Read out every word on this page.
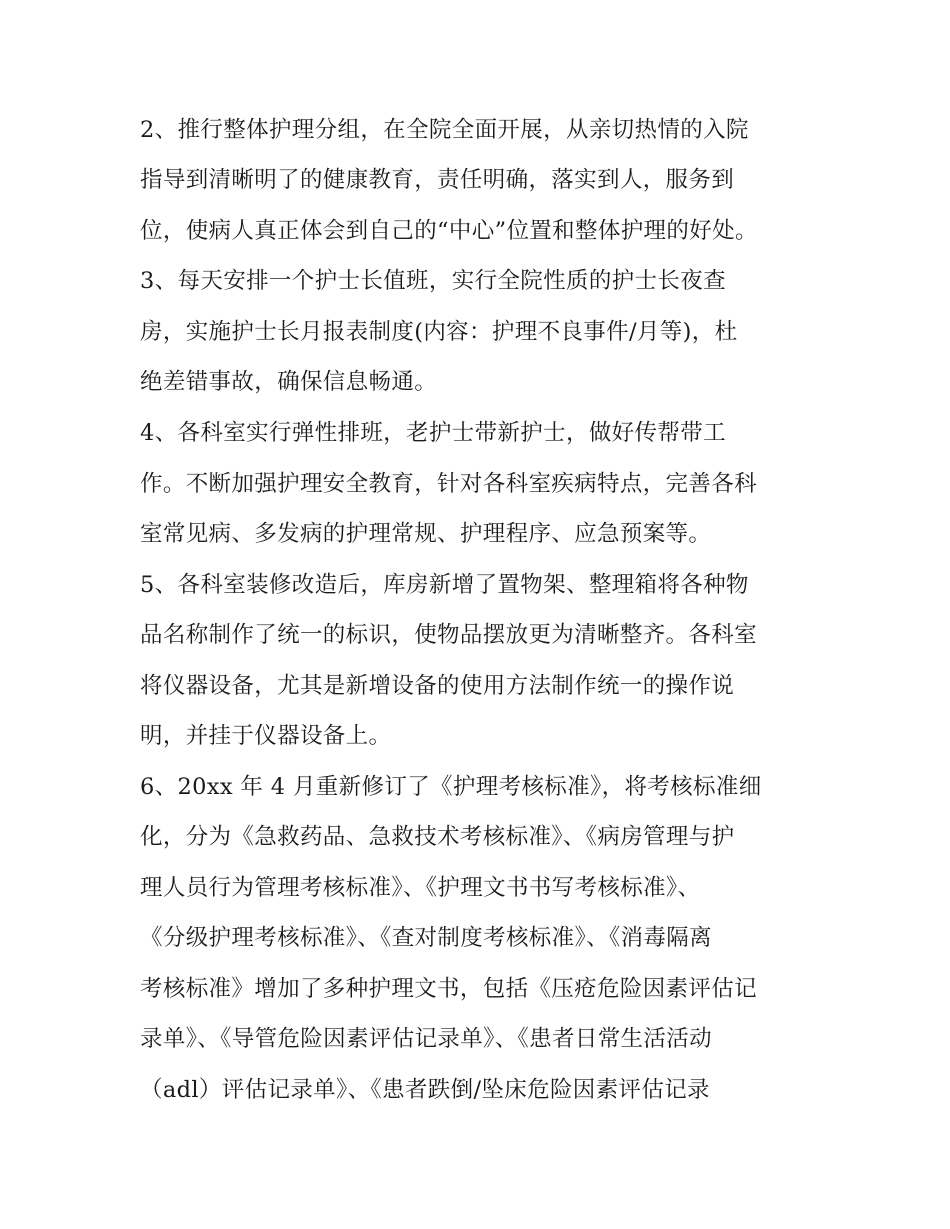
2、推行整体护理分组，在全院全面开展，从亲切热情的入院
指导到清晰明了的健康教育，责任明确，落实到人，服务到
位，使病人真正体会到自己的“中心”位置和整体护理的好处。
3、每天安排一个护士长值班，实行全院性质的护士长夜查
房，实施护士长月报表制度(内容：护理不良事件/月等)，杜
绝差错事故，确保信息畅通。
4、各科室实行弹性排班，老护士带新护士，做好传帮带工
作。不断加强护理安全教育，针对各科室疾病特点，完善各科
室常见病、多发病的护理常规、护理程序、应急预案等。
5、各科室装修改造后，库房新增了置物架、整理箱将各种物
品名称制作了统一的标识，使物品摆放更为清晰整齐。各科室
将仪器设备，尤其是新增设备的使用方法制作统一的操作说
明，并挂于仪器设备上。
6、20xx 年 4 月重新修订了《护理考核标准》，将考核标准细
化，分为《急救药品、急救技术考核标准》、《病房管理与护
理人员行为管理考核标准》、《护理文书书写考核标准》、
《分级护理考核标准》、《查对制度考核标准》、《消毒隔离
考核标准》增加了多种护理文书，包括《压疮危险因素评估记
录单》、《导管危险因素评估记录单》、《患者日常生活活动
（adl）评估记录单》、《患者跌倒/坠床危险因素评估记录
